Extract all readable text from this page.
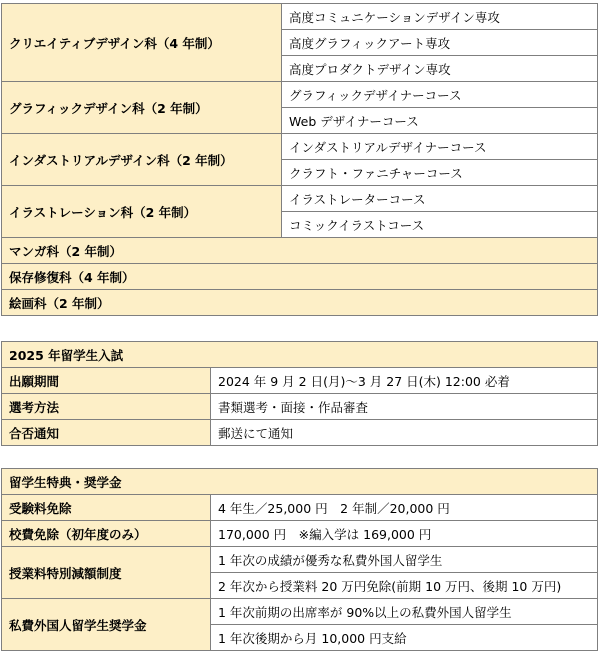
クリエイティブデザイン科（4 年制）	高度コミュニケーションデザイン専攻
	高度グラフィックアート専攻
	高度プロダクトデザイン専攻
グラフィックデザイン科（2 年制）	グラフィックデザイナーコース
	Web デザイナーコース
インダストリアルデザイン科（2 年制）	インダストリアルデザイナーコース
	クラフト・ファニチャーコース
イラストレーション科（2 年制）	イラストレーターコース
	コミックイラストコース
マンガ科（2 年制）	
保存修復科（4 年制）	
絵画科（2 年制）	
2025 年留学生入試	
出願期間	2024 年 9 月 2 日(月)～3 月 27 日(木) 12:00 必着
選考方法	書類選考・面接・作品審査
合否通知	郵送にて通知
留学生特典・奨学金	
受験料免除	4 年生／25,000 円　2 年制／20,000 円
校費免除（初年度のみ）	170,000 円　※編入学は 169,000 円
授業料特別減額制度	1 年次の成績が優秀な私費外国人留学生
	2 年次から授業料 20 万円免除(前期 10 万円、後期 10 万円)
私費外国人留学生奨学金	1 年次前期の出席率が 90%以上の私費外国人留学生
	1 年次後期から月 10,000 円支給
